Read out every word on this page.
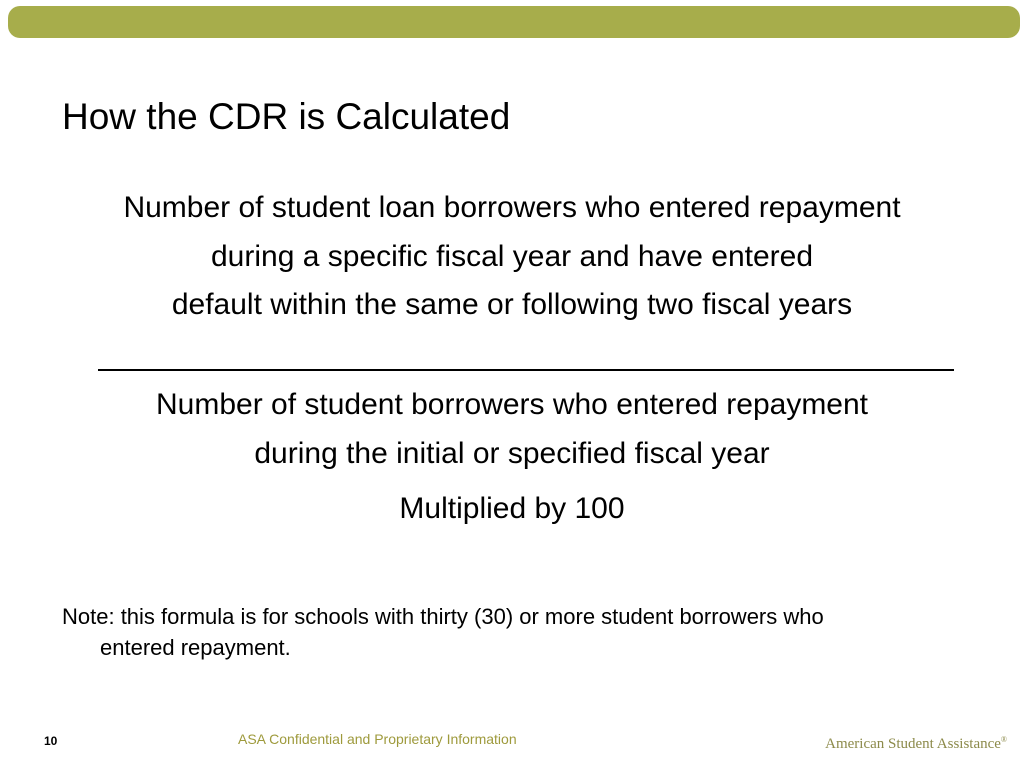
How the CDR is Calculated
Number of student loan borrowers who entered repayment
during a specific fiscal year and have entered
default within the same or following two fiscal years
Number of student borrowers who entered repayment
during the initial or specified fiscal year
Multiplied by 100
Note: this formula is for schools with thirty (30) or more student borrowers who
entered repayment.
10	ASA Confidential and Proprietary Information	American Student Assistance®
